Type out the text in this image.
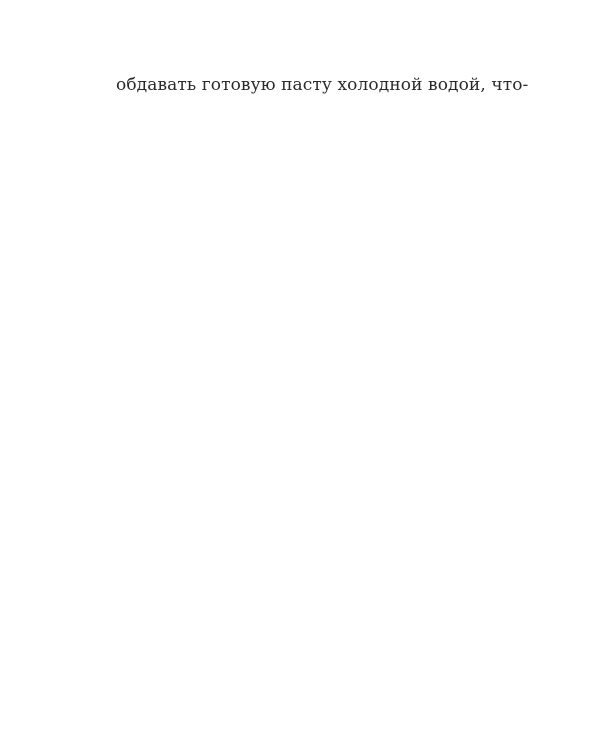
обдавать готовую пасту холодной водой, что-
